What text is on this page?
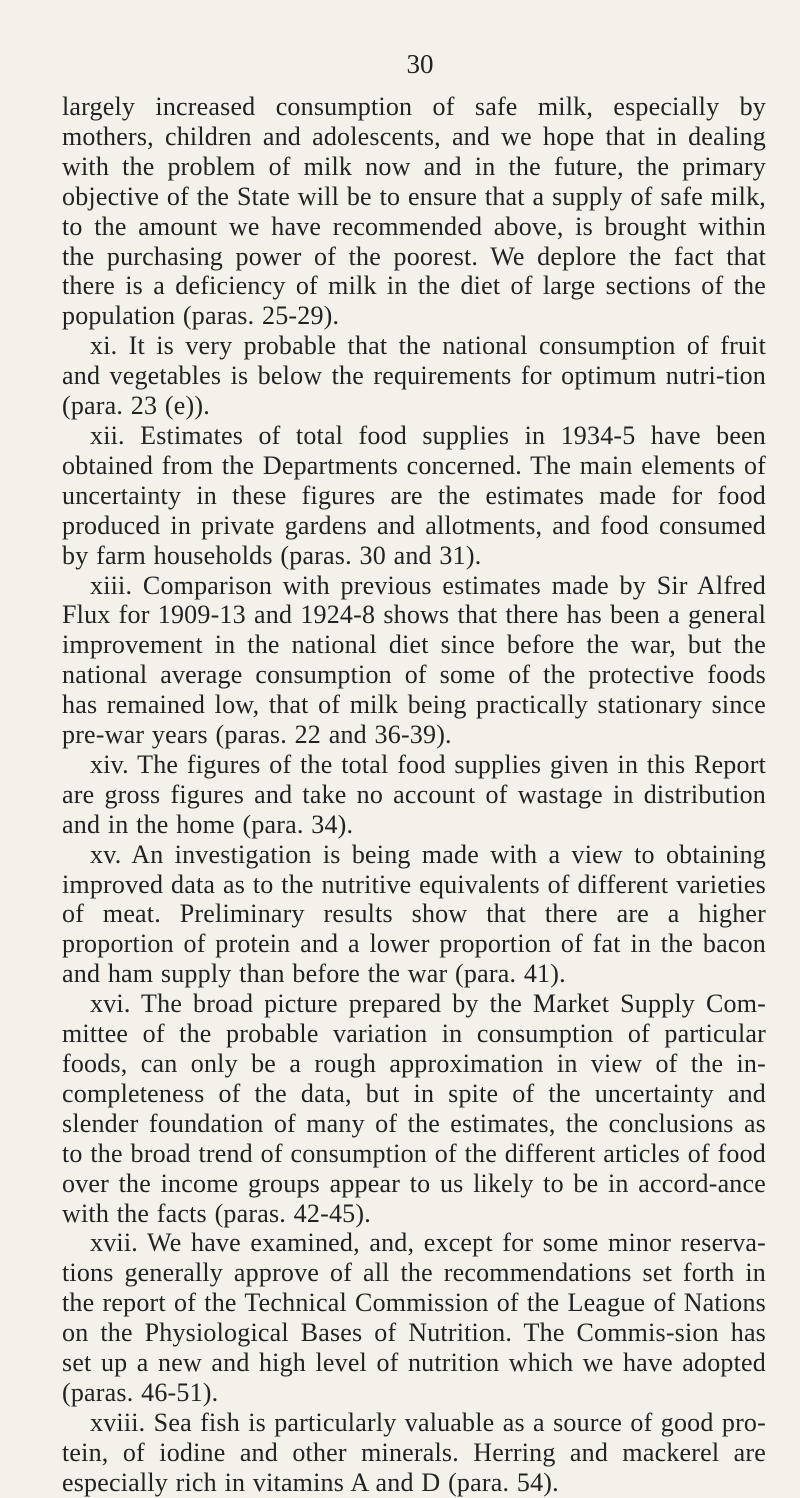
30

largely increased consumption of safe milk, especially by mothers, children and adolescents, and we hope that in dealing with the problem of milk now and in the future, the primary objective of the State will be to ensure that a supply of safe milk, to the amount we have recommended above, is brought within the purchasing power of the poorest. We deplore the fact that there is a deficiency of milk in the diet of large sections of the population (paras. 25-29).

xi. It is very probable that the national consumption of fruit and vegetables is below the requirements for optimum nutri-tion (para. 23 (e)).

xii. Estimates of total food supplies in 1934-5 have been obtained from the Departments concerned. The main elements of uncertainty in these figures are the estimates made for food produced in private gardens and allotments, and food consumed by farm households (paras. 30 and 31).

xiii. Comparison with previous estimates made by Sir Alfred Flux for 1909-13 and 1924-8 shows that there has been a general improvement in the national diet since before the war, but the national average consumption of some of the protective foods has remained low, that of milk being practically stationary since pre-war years (paras. 22 and 36-39).

xiv. The figures of the total food supplies given in this Report are gross figures and take no account of wastage in distribution and in the home (para. 34).

xv. An investigation is being made with a view to obtaining improved data as to the nutritive equivalents of different varieties of meat. Preliminary results show that there are a higher proportion of protein and a lower proportion of fat in the bacon and ham supply than before the war (para. 41).

xvi. The broad picture prepared by the Market Supply Com-mittee of the probable variation in consumption of particular foods, can only be a rough approximation in view of the in-completeness of the data, but in spite of the uncertainty and slender foundation of many of the estimates, the conclusions as to the broad trend of consumption of the different articles of food over the income groups appear to us likely to be in accord-ance with the facts (paras. 42-45).

xvii. We have examined, and, except for some minor reserva-tions generally approve of all the recommendations set forth in the report of the Technical Commission of the League of Nations on the Physiological Bases of Nutrition. The Commis-sion has set up a new and high level of nutrition which we have adopted (paras. 46-51).

xviii. Sea fish is particularly valuable as a source of good pro-tein, of iodine and other minerals. Herring and mackerel are especially rich in vitamins A and D (para. 54).
